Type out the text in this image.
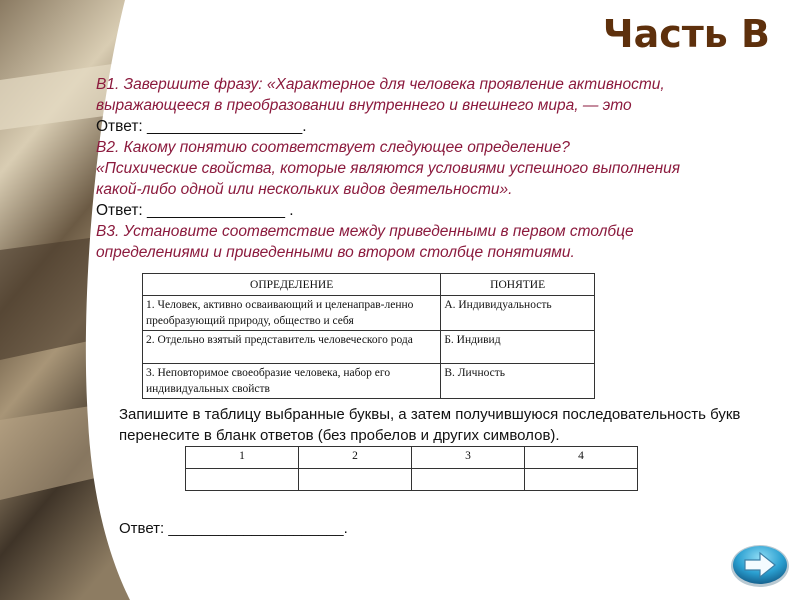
Часть В
В1. Завершите фразу: «Характерное для человека проявление активности,
выражающееся в преобразовании внутреннего и внешнего мира, — это
Ответ: __________________.
В2. Какому понятию соответствует следующее определение?
«Психические свойства, которые являются условиями успешного выполнения
какой-либо одной или нескольких видов деятельности».
Ответ: ________________ .
В3. Установите соответствие между приведенными в первом столбце
определениями и приведенными во втором столбце понятиями.
ОПРЕДЕЛЕНИЕ	ПОНЯТИЕ
1. Человек, активно осваивающий и целенаправ-ленно преобразующий природу, общество и себя	А. Индивидуальность
2. Отдельно взятый представитель человеческого рода	Б. Индивид
3. Неповторимое своеобразие человека, набор его индивидуальных свойств	В. Личность
Запишите в таблицу выбранные буквы, а затем получившуюся последовательность букв
перенесите в бланк ответов (без пробелов и других символов).
1	2	3	4

Ответ: _____________________.
